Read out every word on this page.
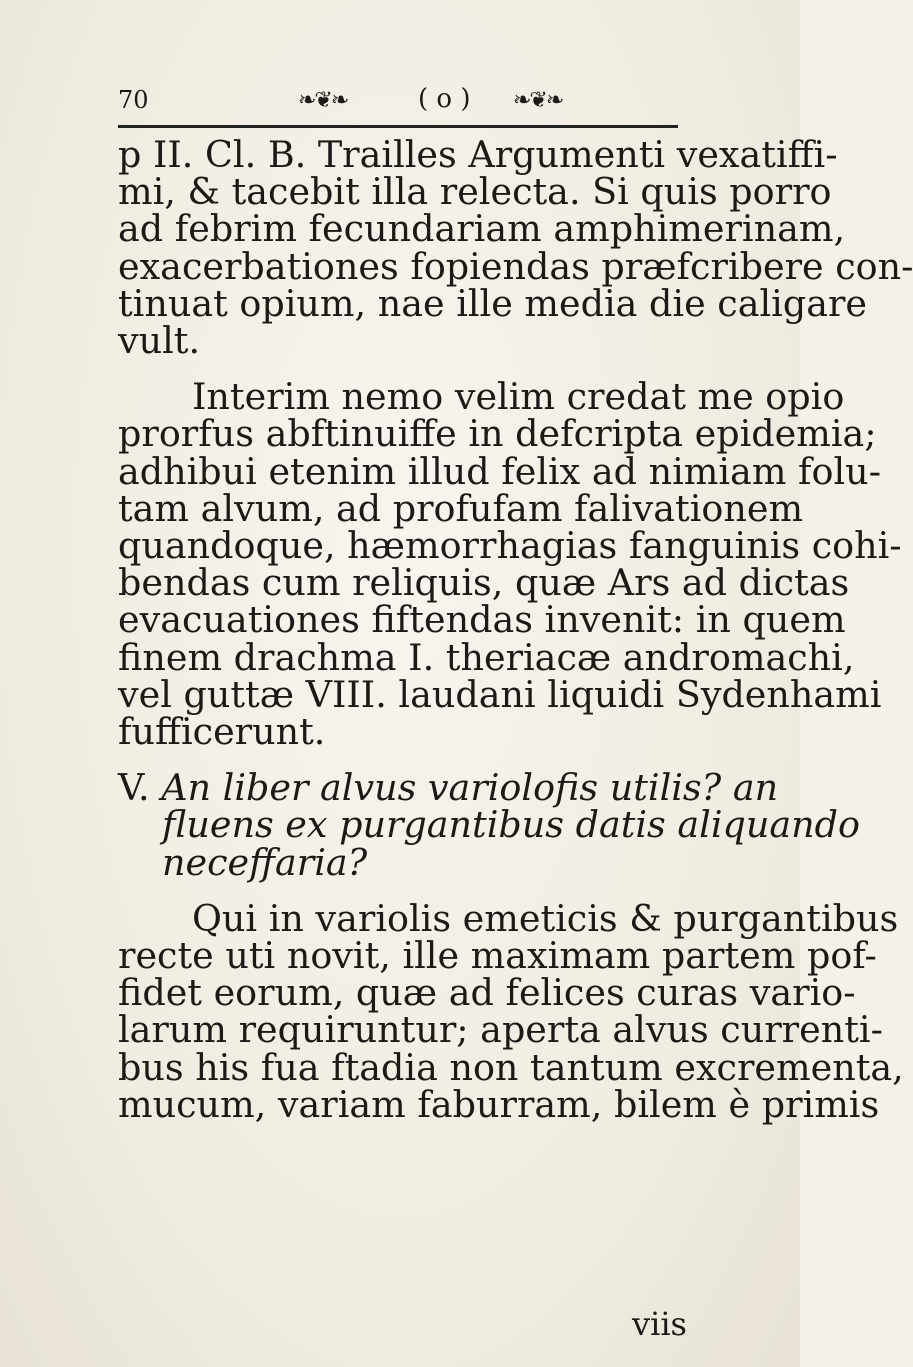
70	❧❦❧	( o ) ❧❦❧
p II. Cl. B. Trailles Argumenti vexatiffi-
mi, & tacebit illa relecta. Si quis porro
ad febrim fecundariam amphimerinam,
exacerbationes fopiendas præfcribere con-
tinuat opium, nae ille media die caligare
vult.
Interim nemo velim credat me opio
prorfus abftinuiffe in defcripta epidemia;
adhibui etenim illud felix ad nimiam folu-
tam alvum, ad profufam falivationem
quandoque, hæmorrhagias fanguinis cohi-
bendas cum reliquis, quæ Ars ad dictas
evacuationes fiftendas invenit: in quem
finem drachma I. theriacæ andromachi,
vel guttæ VIII. laudani liquidi Sydenhami
fufficerunt.
V. An liber alvus variolofis utilis? an
fluens ex purgantibus datis aliquando
neceffaria?
Qui in variolis emeticis & purgantibus
recte uti novit, ille maximam partem pof-
fidet eorum, quæ ad felices curas vario-
larum requiruntur; aperta alvus currenti-
bus his fua ftadia non tantum excrementa,
mucum, variam faburram, bilem è primis
viis
